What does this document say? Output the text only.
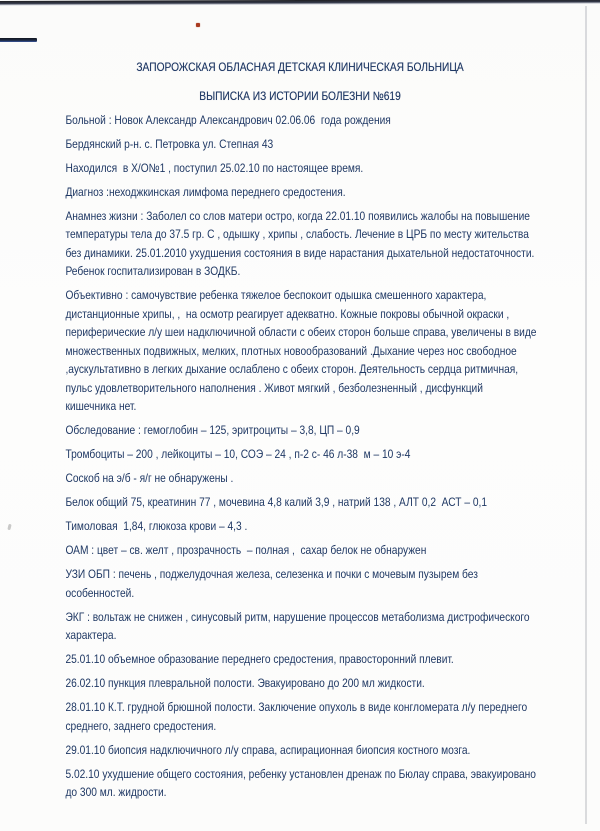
ЗАПОРОЖСКАЯ ОБЛАСНАЯ ДЕТСКАЯ КЛИНИЧЕСКАЯ БОЛЬНИЦА

ВЫПИСКА ИЗ ИСТОРИИ БОЛЕЗНИ №619

Больной : Новок Александр Александрович 02.06.06  года рождения
Бердянский р-н. с. Петровка ул. Степная 43
Находился  в Х/О№1 , поступил 25.02.10 по настоящее время.
Диагноз :неходжкинская лимфома переднего средостения.
Анамнез жизни : Заболел со слов матери остро, когда 22.01.10 появились жалобы на повышение
температуры тела до 37.5 гр. С , одышку , хрипы , слабость. Лечение в ЦРБ по месту жительства
без динамики. 25.01.2010 ухудшения состояния в виде нарастания дыхательной недостаточности.
Ребенок госпитализирован в ЗОДКБ.
Объективно : самочувствие ребенка тяжелое беспокоит одышка смешенного характера,
дистанционные хрипы, ,  на осмотр реагирует адекватно. Кожные покровы обычной окраски ,
периферические л/у шеи надключичной области с обеих сторон больше справа, увеличены в виде
множественных подвижных, мелких, плотных новообразований .Дыхание через нос свободное
,аускультативно в легких дыхание ослаблено с обеих сторон. Деятельность сердца ритмичная,
пульс удовлетворительного наполнения . Живот мягкий , безболезненный , дисфункций
кишечника нет.
Обследование : гемоглобин – 125, эритроциты – 3,8, ЦП – 0,9
Тромбоциты – 200 , лейкоциты – 10, СОЭ – 24 , п-2 с- 46 л-38  м – 10 э-4
Соскоб на э/б - я/г не обнаружены .
Белок общий 75, креатинин 77 , мочевина 4,8 калий 3,9 , натрий 138 , АЛТ 0,2  АСТ – 0,1
Тимоловая  1,84, глюкоза крови – 4,3 .
ОАМ : цвет – св. желт , прозрачность  – полная ,  сахар белок не обнаружен
УЗИ ОБП : печень , поджелудочная железа, селезенка и почки с мочевым пузырем без
особенностей.
ЭКГ : вольтаж не снижен , синусовый ритм, нарушение процессов метаболизма дистрофического
характера.
25.01.10 объемное образование переднего средостения, правосторонний плевит.
26.02.10 пункция плевральной полости. Эвакуировано до 200 мл жидкости.
28.01.10 К.Т. грудной брюшной полости. Заключение опухоль в виде конгломерата л/у переднего
среднего, заднего средостения.
29.01.10 биопсия надключичного л/у справа, аспирационная биопсия костного мозга.
5.02.10 ухудшение общего состояния, ребенку установлен дренаж по Бюлау справа, эвакуировано
до 300 мл. жидрости.
